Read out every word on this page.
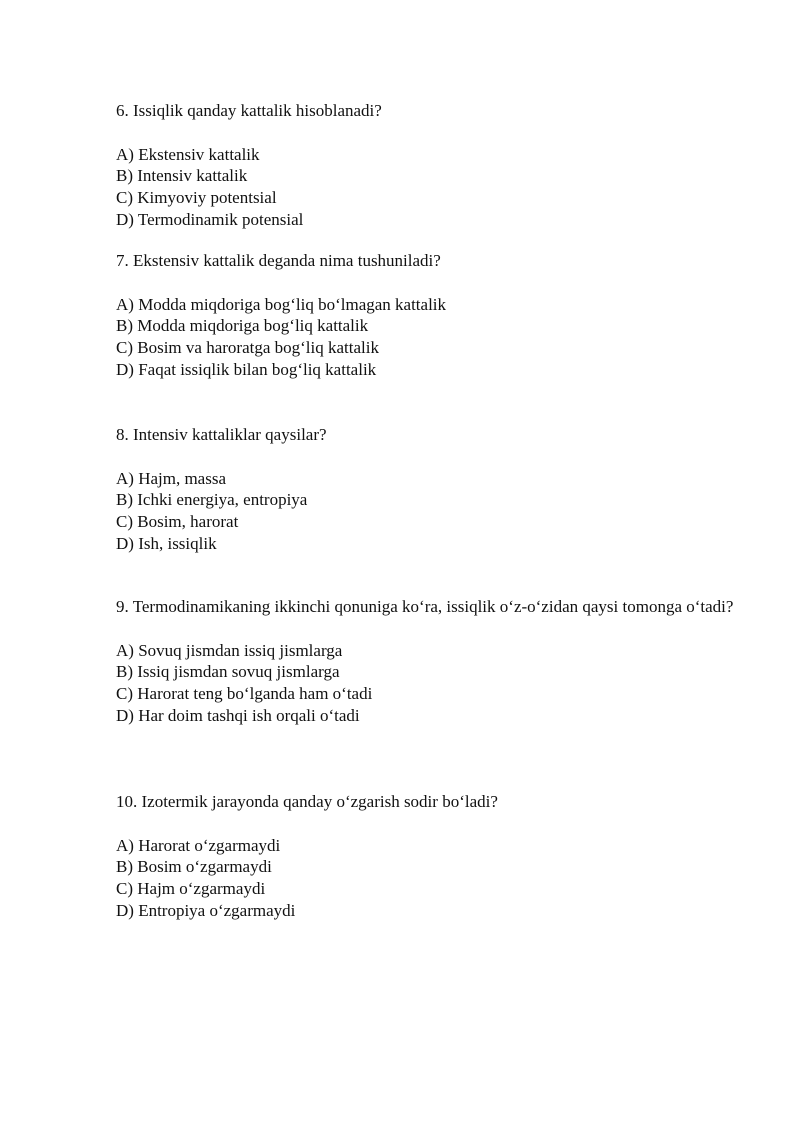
6. Issiqlik qanday kattalik hisoblanadi?

A) Ekstensiv kattalik

B) Intensiv kattalik

C) Kimyoviy potentsial

D) Termodinamik potensial

7. Ekstensiv kattalik deganda nima tushuniladi?

A) Modda miqdoriga bog‘liq bo‘lmagan kattalik

B) Modda miqdoriga bog‘liq kattalik

C) Bosim va haroratga bog‘liq kattalik

D) Faqat issiqlik bilan bog‘liq kattalik

8. Intensiv kattaliklar qaysilar?

A) Hajm, massa

B) Ichki energiya, entropiya

C) Bosim, harorat

D) Ish, issiqlik

9. Termodinamikaning ikkinchi qonuniga ko‘ra, issiqlik o‘z-o‘zidan qaysi tomonga o‘tadi?

A) Sovuq jismdan issiq jismlarga

B) Issiq jismdan sovuq jismlarga

C) Harorat teng bo‘lganda ham o‘tadi

D) Har doim tashqi ish orqali o‘tadi

10. Izotermik jarayonda qanday o‘zgarish sodir bo‘ladi?

A) Harorat o‘zgarmaydi

B) Bosim o‘zgarmaydi

C) Hajm o‘zgarmaydi

D) Entropiya o‘zgarmaydi
